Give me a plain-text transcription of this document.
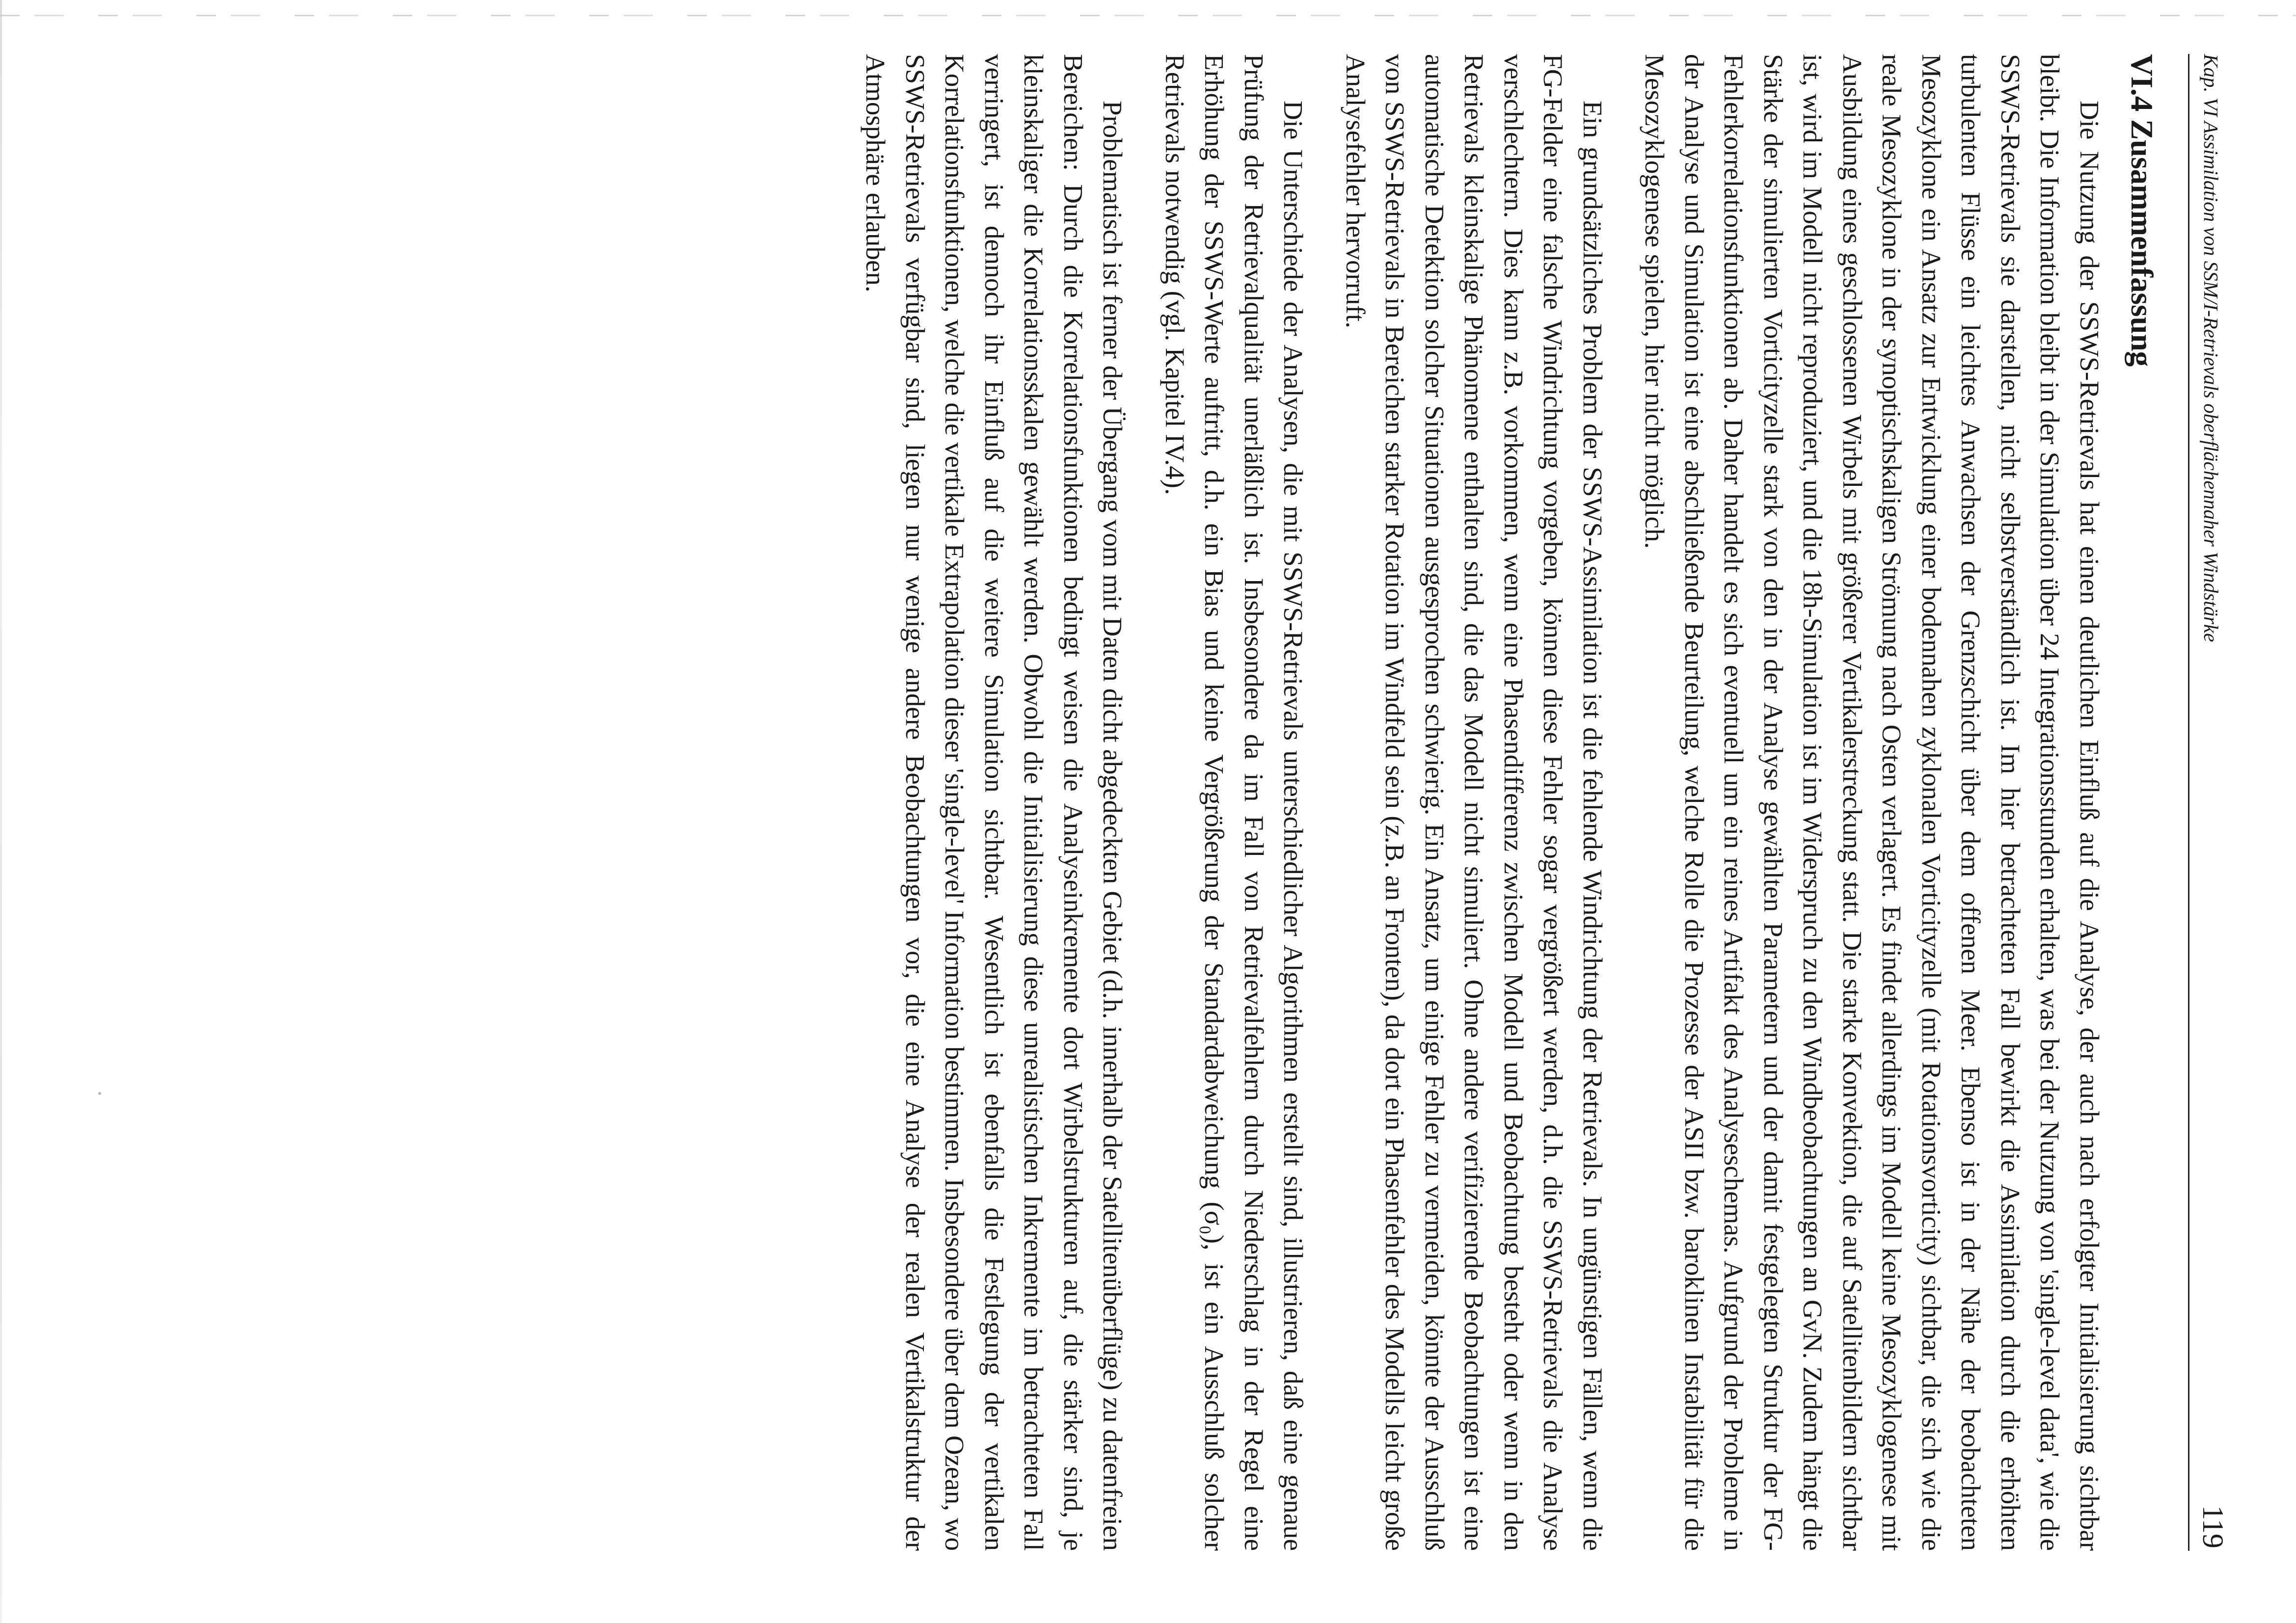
Kap. VI Assimilation von SSM/I-Retrievals oberflächennaher Windstärke
119
VI.4 Zusammenfassung

Die Nutzung der SSWS-Retrievals hat einen deutlichen Einfluß auf die Analyse, der auch nach erfolgter Initialisierung sichtbar bleibt. Die Information bleibt in der Simulation über 24 Integrationsstunden erhalten, was bei der Nutzung von 'single-level data', wie die SSWS-Retrievals sie darstellen, nicht selbstverständlich ist. Im hier betrachteten Fall bewirkt die Assimilation durch die erhöhten turbulenten Flüsse ein leichtes Anwachsen der Grenzschicht über dem offenen Meer. Ebenso ist in der Nähe der beobachteten Mesozyklone ein Ansatz zur Entwicklung einer bodennahen zyklonalen Vorticityzelle (mit Rotationsvorticity) sichtbar, die sich wie die reale Mesozyklone in der synoptischskaligen Strömung nach Osten verlagert. Es findet allerdings im Modell keine Mesozyklogenese mit Ausbildung eines geschlossenen Wirbels mit größerer Vertikalerstreckung statt. Die starke Konvektion, die auf Satellitenbildern sichtbar ist, wird im Modell nicht reproduziert, und die 18h-Simulation ist im Widerspruch zu den Windbeobachtungen an GvN. Zudem hängt die Stärke der simulierten Vorticityzelle stark von den in der Analyse gewählten Parametern und der damit festgelegten Struktur der FG-Fehlerkorrelationsfunktionen ab. Daher handelt es sich eventuell um ein reines Artifakt des Analyseschemas. Aufgrund der Probleme in der Analyse und Simulation ist eine abschließende Beurteilung, welche Rolle die Prozesse der ASII bzw. baroklinen Instabilität für die Mesozyklogenese spielen, hier nicht möglich.

Ein grundsätzliches Problem der SSWS-Assimilation ist die fehlende Windrichtung der Retrievals. In ungünstigen Fällen, wenn die FG-Felder eine falsche Windrichtung vorgeben, können diese Fehler sogar vergrößert werden, d.h. die SSWS-Retrievals die Analyse verschlechtern. Dies kann z.B. vorkommen, wenn eine Phasendifferenz zwischen Modell und Beobachtung besteht oder wenn in den Retrievals kleinskalige Phänomene enthalten sind, die das Modell nicht simuliert. Ohne andere verifizierende Beobachtungen ist eine automatische Detektion solcher Situationen ausgesprochen schwierig. Ein Ansatz, um einige Fehler zu vermeiden, könnte der Ausschluß von SSWS-Retrievals in Bereichen starker Rotation im Windfeld sein (z.B. an Fronten), da dort ein Phasenfehler des Modells leicht große Analysefehler hervorruft.

Die Unterschiede der Analysen, die mit SSWS-Retrievals unterschiedlicher Algorithmen erstellt sind, illustrieren, daß eine genaue Prüfung der Retrievalqualität unerläßlich ist. Insbesondere da im Fall von Retrievalfehlern durch Niederschlag in der Regel eine Erhöhung der SSWS-Werte auftritt, d.h. ein Bias und keine Vergrößerung der Standardabweichung (σ₀), ist ein Ausschluß solcher Retrievals notwendig (vgl. Kapitel IV.4).

Problematisch ist ferner der Übergang vom mit Daten dicht abgedeckten Gebiet (d.h. innerhalb der Satellitenüberflüge) zu datenfreien Bereichen: Durch die Korrelationsfunktionen bedingt weisen die Analyseinkremente dort Wirbelstrukturen auf, die stärker sind, je kleinskaliger die Korrelationsskalen gewählt werden. Obwohl die Initialisierung diese unrealistischen Inkremente im betrachteten Fall verringert, ist dennoch ihr Einfluß auf die weitere Simulation sichtbar. Wesentlich ist ebenfalls die Festlegung der vertikalen Korrelationsfunktionen, welche die vertikale Extrapolation dieser 'single-level' Information bestimmen. Insbesondere über dem Ozean, wo SSWS-Retrievals verfügbar sind, liegen nur wenige andere Beobachtungen vor, die eine Analyse der realen Vertikalstruktur der Atmosphäre erlauben.
